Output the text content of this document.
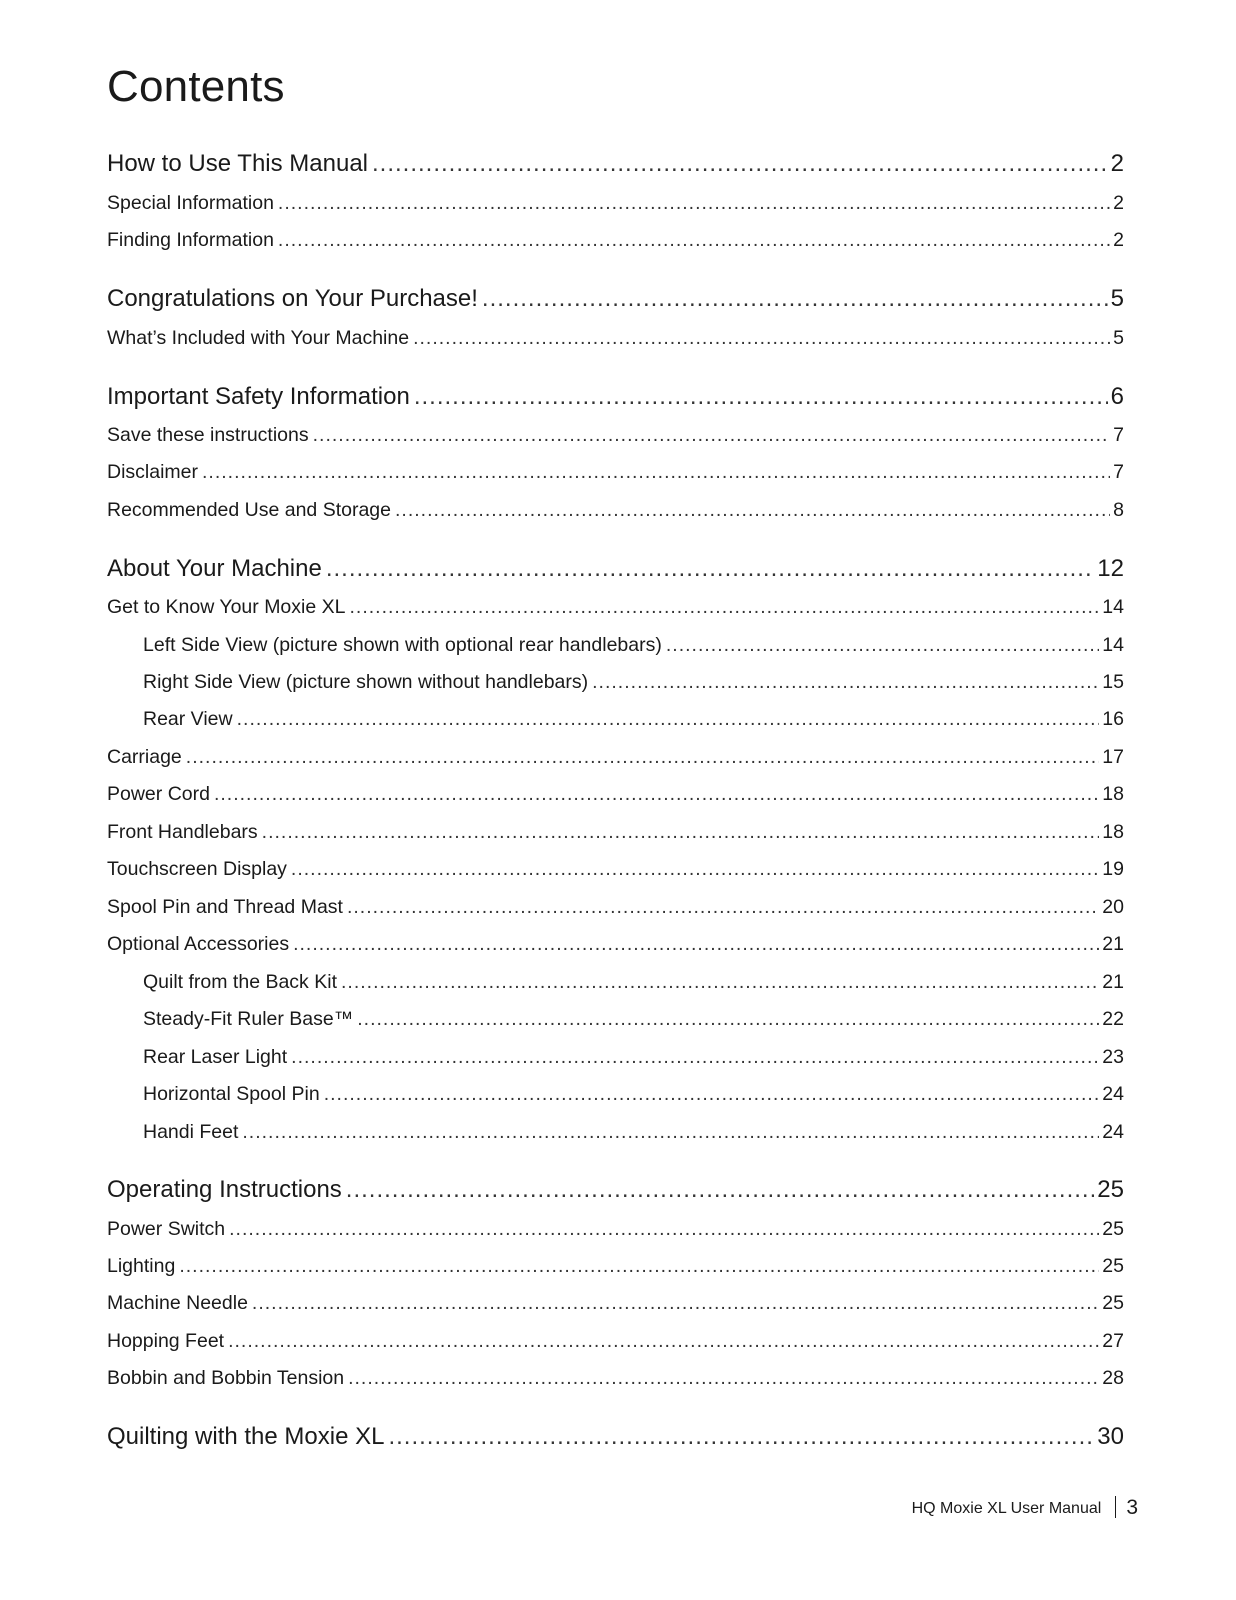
Contents
How to Use This Manual .....	2
Special Information .....	2
Finding Information .....	2
Congratulations on Your Purchase! .....	5
What’s Included with Your Machine .....	5
Important Safety Information .....	6
Save these instructions .....	7
Disclaimer .....	7
Recommended Use and Storage .....	8
About Your Machine .....	12
Get to Know Your Moxie XL .....	14
Left Side View (picture shown with optional rear handlebars) .....	14
Right Side View (picture shown without handlebars) .....	15
Rear View .....	16
Carriage .....	17
Power Cord .....	18
Front Handlebars .....	18
Touchscreen Display .....	19
Spool Pin and Thread Mast .....	20
Optional Accessories .....	21
Quilt from the Back Kit .....	21
Steady-Fit Ruler Base™ .....	22
Rear Laser Light .....	23
Horizontal Spool Pin .....	24
Handi Feet .....	24
Operating Instructions .....	25
Power Switch .....	25
Lighting .....	25
Machine Needle .....	25
Hopping Feet .....	27
Bobbin and Bobbin Tension .....	28
Quilting with the Moxie XL .....	30
HQ Moxie XL User Manual 3
